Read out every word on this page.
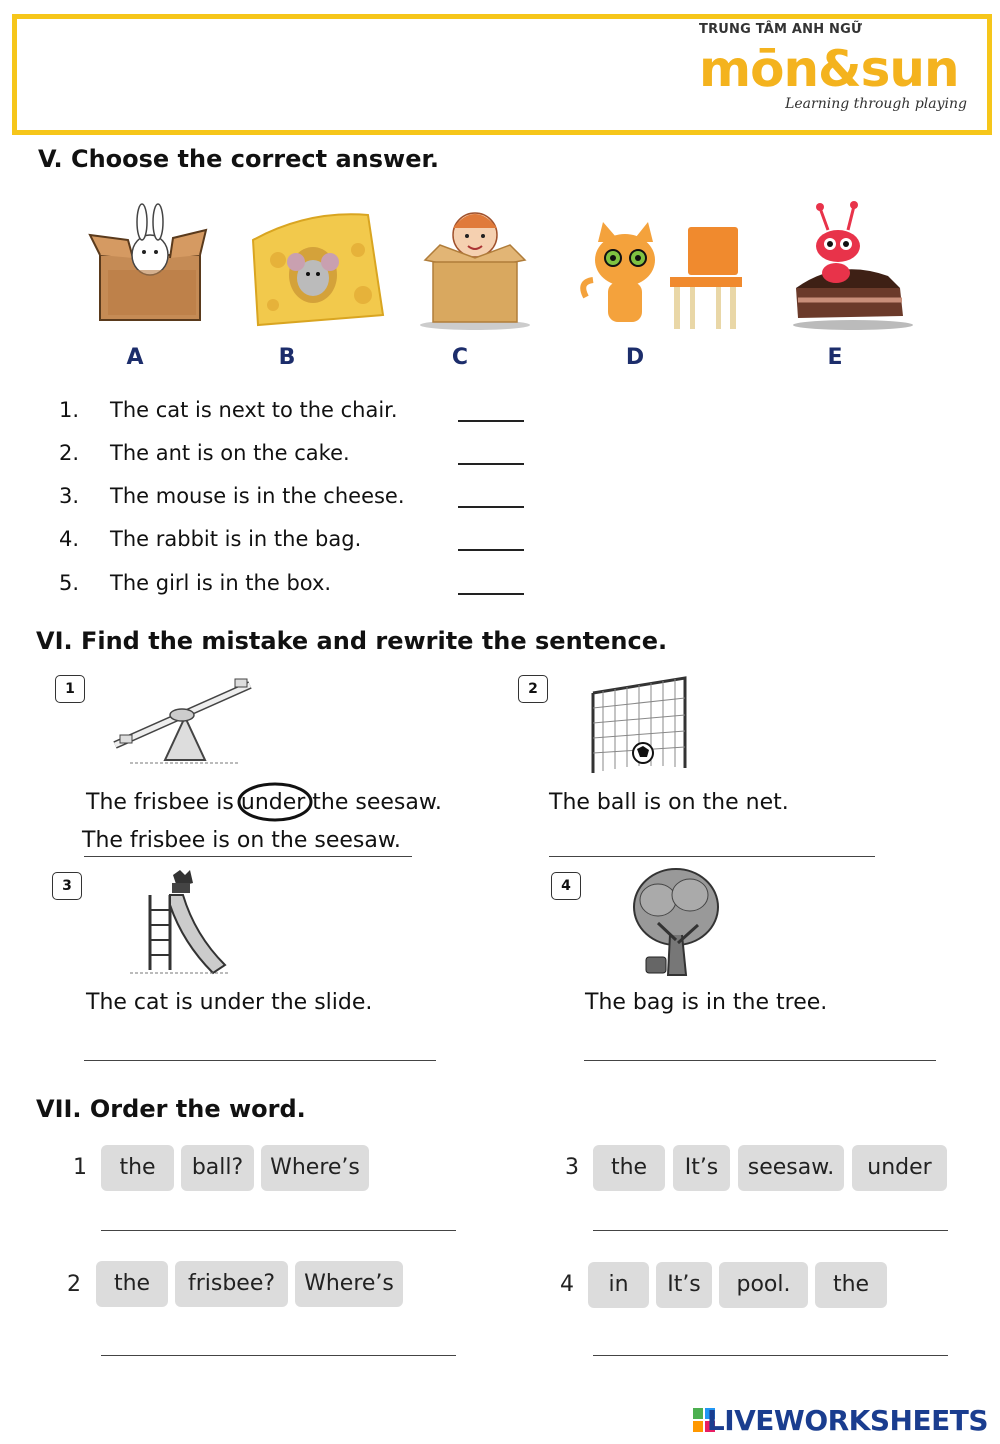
TRUNG TÂM ANH NGỮ
mōn&sun
Learning through playing
V. Choose the correct answer.
A	B	C	D	E
1. The cat is next to the chair.
2. The ant is on the cake.
3. The mouse is in the cheese.
4. The rabbit is in the bag.
5. The girl is in the box.
VI. Find the mistake and rewrite the sentence.
1
The frisbee is under
the seesaw.
The frisbee is on the seesaw.
2
The ball is on the net.
3
The cat is under the slide.
4
The bag is in the tree.
VII. Order the word.
1	the	ball?	Where’s	3	the	It’s	seesaw.	under
2	the	frisbee?	Where’s	4	in	It’s	pool.	the
LIVEWORKSHEETS
